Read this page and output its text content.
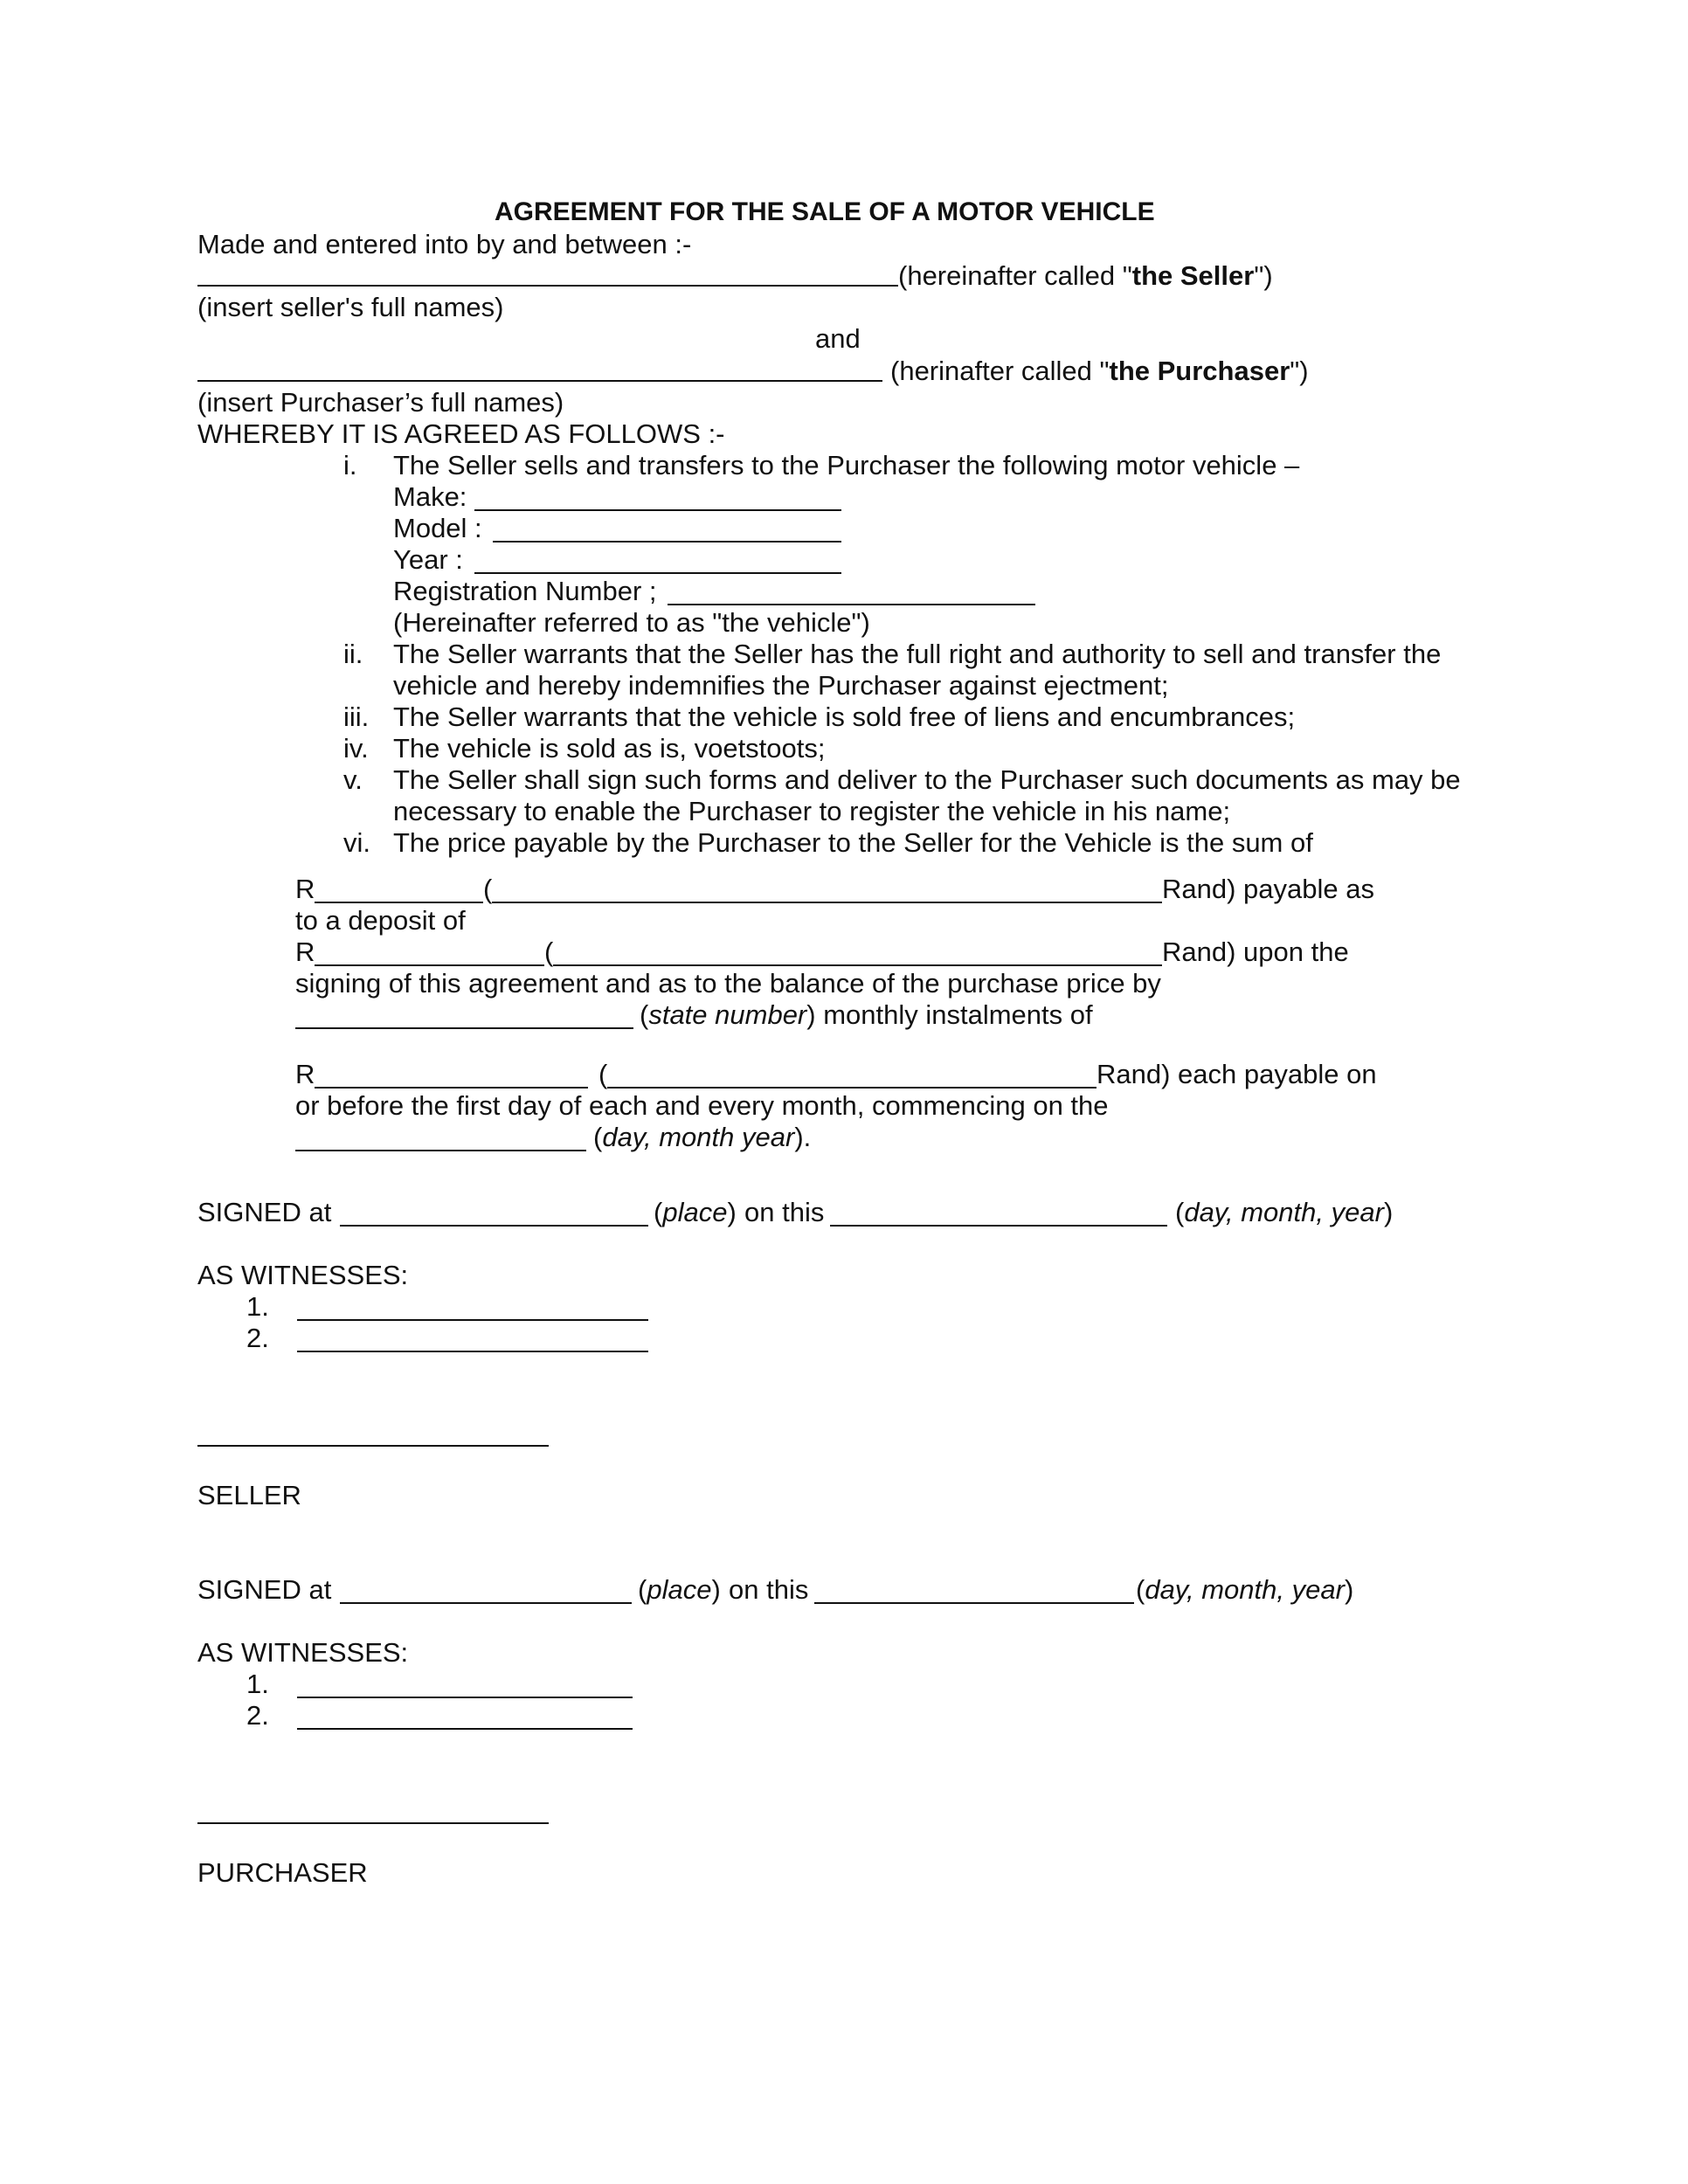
AGREEMENT FOR THE SALE OF A MOTOR VEHICLE
Made and entered into by and between :-
(hereinafter called "the Seller")
(insert seller's full names)
and
(herinafter called "the Purchaser")
(insert Purchaser’s full names)
WHEREBY IT IS AGREED AS FOLLOWS :-
i. The Seller sells and transfers to the Purchaser the following motor vehicle –
Make:
Model :
Year :
Registration Number ;
(Hereinafter referred to as "the vehicle")
ii. The Seller warrants that the Seller has the full right and authority to sell and transfer the
vehicle and hereby indemnifies the Purchaser against ejectment;
iii. The Seller warrants that the vehicle is sold free of liens and encumbrances;
iv. The vehicle is sold as is, voetstoots;
v. The Seller shall sign such forms and deliver to the Purchaser such documents as may be
necessary to enable the Purchaser to register the vehicle in his name;
vi. The price payable by the Purchaser to the Seller for the Vehicle is the sum of
R	(	Rand) payable as
to a deposit of
R	(	Rand) upon the
signing of this agreement and as to the balance of the purchase price by
(state number) monthly instalments of
R	(	Rand) each payable on
or before the first day of each and every month, commencing on the
(day, month year).
SIGNED at	(place) on this	(day, month, year)
AS WITNESSES:
1.
2.
SELLER
SIGNED at	(place) on this	(day, month, year)
AS WITNESSES:
1.
2.
PURCHASER
